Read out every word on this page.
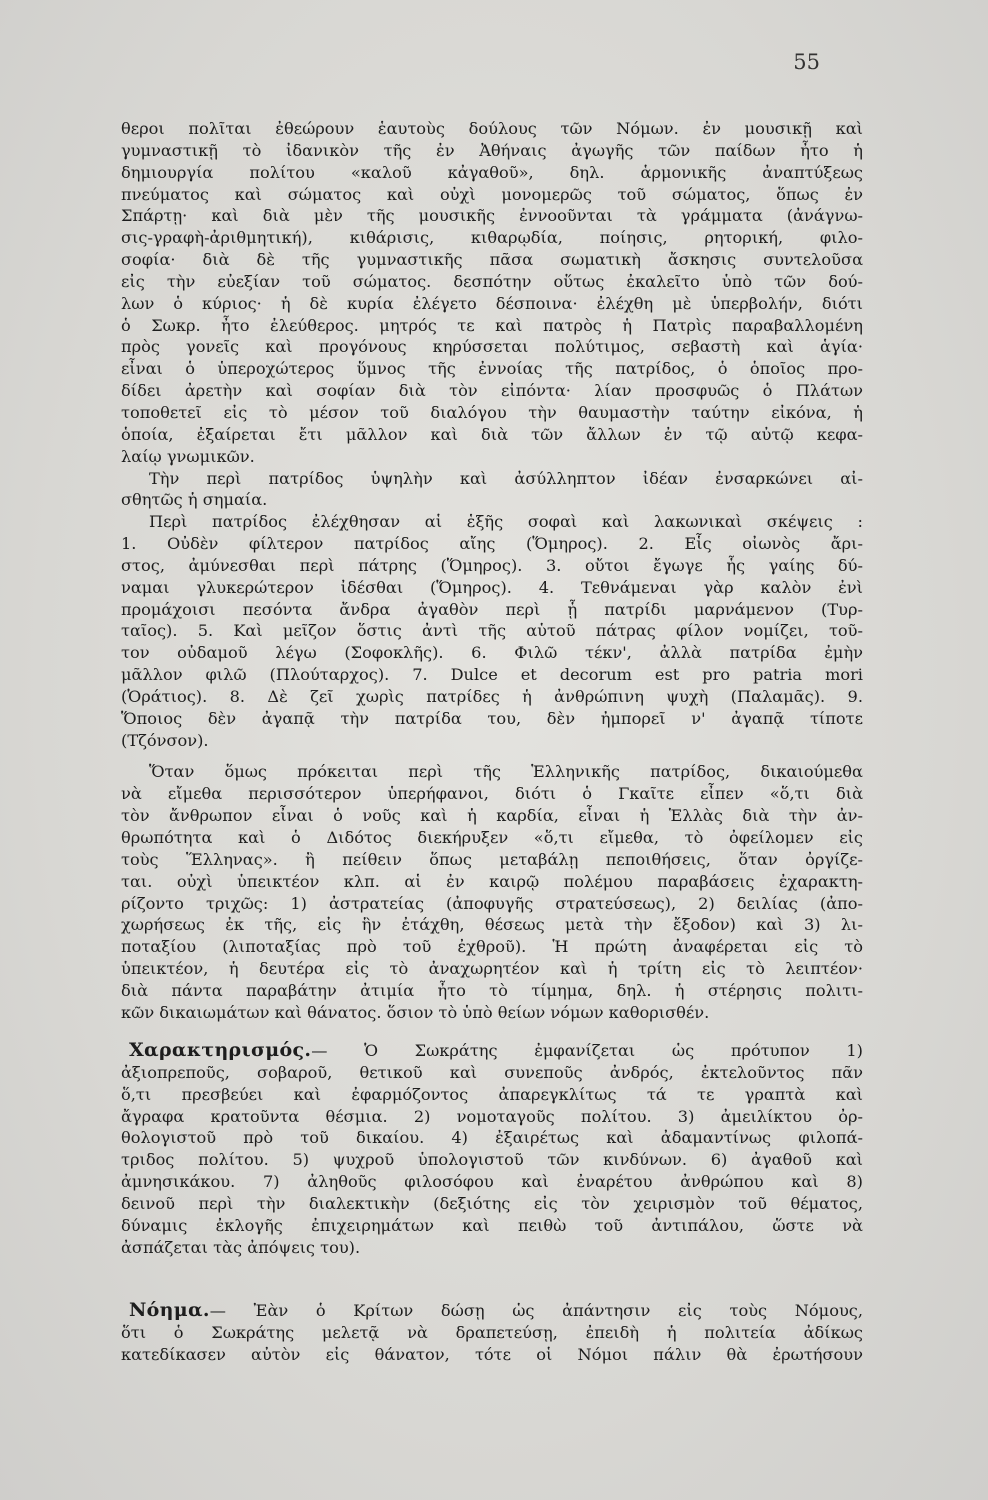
55
θεροι πολῖται ἐθεώρουν ἑαυτοὺς δούλους τῶν Νόμων. ἐν μουσικῇ καὶ
γυμναστικῇ τὸ ἰδανικὸν τῆς ἐν Ἀθήναις ἀγωγῆς τῶν παίδων ἦτο ἡ
δημιουργία πολίτου «καλοῦ κἀγαθοῦ», δηλ. ἁρμονικῆς ἀναπτύξεως
πνεύματος καὶ σώματος καὶ οὐχὶ μονομερῶς τοῦ σώματος, ὅπως ἐν
Σπάρτῃ· καὶ διὰ μὲν τῆς μουσικῆς ἐννοοῦνται τὰ γράμματα (ἀνάγνω-
σις-γραφὴ-ἀριθμητική), κιθάρισις, κιθαρῳδία, ποίησις, ρητορική, φιλο-
σοφία· διὰ δὲ τῆς γυμναστικῆς πᾶσα σωματικὴ ἄσκησις συντελοῦσα
εἰς τὴν εὐεξίαν τοῦ σώματος. δεσπότην οὕτως ἐκαλεῖτο ὑπὸ τῶν δού-
λων ὁ κύριος· ἡ δὲ κυρία ἐλέγετο δέσποινα· ἐλέχθη μὲ ὑπερβολήν, διότι
ὁ Σωκρ. ἦτο ἐλεύθερος. μητρός τε καὶ πατρὸς ἡ Πατρὶς παραβαλλομένη
πρὸς γονεῖς καὶ προγόνους κηρύσσεται πολύτιμος, σεβαστὴ καὶ ἁγία·
εἶναι ὁ ὑπεροχώτερος ὕμνος τῆς ἐννοίας τῆς πατρίδος, ὁ ὁποῖος προ-
δίδει ἀρετὴν καὶ σοφίαν διὰ τὸν εἰπόντα· λίαν προσφυῶς ὁ Πλάτων
τοποθετεῖ εἰς τὸ μέσον τοῦ διαλόγου τὴν θαυμαστὴν ταύτην εἰκόνα, ἡ
ὁποία, ἐξαίρεται ἔτι μᾶλλον καὶ διὰ τῶν ἄλλων ἐν τῷ αὐτῷ κεφα-
λαίῳ γνωμικῶν.
Τὴν περὶ πατρίδος ὑψηλὴν καὶ ἀσύλληπτον ἰδέαν ἐνσαρκώνει αἰ-
σθητῶς ἡ σημαία.
Περὶ πατρίδος ἐλέχθησαν αἱ ἑξῆς σοφαὶ καὶ λακωνικαὶ σκέψεις :
1. Οὐδὲν φίλτερον πατρίδος αἴης (Ὅμηρος). 2. Εἷς οἰωνὸς ἄρι-
στος, ἀμύνεσθαι περὶ πάτρης (Ὅμηρος). 3. οὔτοι ἔγωγε ἧς γαίης δύ-
ναμαι γλυκερώτερον ἰδέσθαι (Ὅμηρος). 4. Τεθνάμεναι γὰρ καλὸν ἐνὶ
προμάχοισι πεσόντα ἄνδρα ἀγαθὸν περὶ ᾗ πατρίδι μαρνάμενον (Τυρ-
ταῖος). 5. Καὶ μεῖζον ὅστις ἀντὶ τῆς αὑτοῦ πάτρας φίλον νομίζει, τοῦ-
τον οὐδαμοῦ λέγω (Σοφοκλῆς). 6. Φιλῶ τέκν', ἀλλὰ πατρίδα ἐμὴν
μᾶλλον φιλῶ (Πλούταρχος). 7. Dulce et decorum est pro patria mori
(Ὁράτιος). 8. Δὲ ζεῖ χωρὶς πατρίδες ἡ ἀνθρώπινη ψυχὴ (Παλαμᾶς). 9.
Ὅποιος δὲν ἀγαπᾷ τὴν πατρίδα του, δὲν ἠμπορεῖ ν' ἀγαπᾷ τίποτε
(Τζόνσον).
Ὅταν ὅμως πρόκειται περὶ τῆς Ἑλληνικῆς πατρίδος, δικαιούμεθα
νὰ εἴμεθα περισσότερον ὑπερήφανοι, διότι ὁ Γκαῖτε εἶπεν «ὅ,τι διὰ
τὸν ἄνθρωπον εἶναι ὁ νοῦς καὶ ἡ καρδία, εἶναι ἡ Ἑλλὰς διὰ τὴν ἀν-
θρωπότητα καὶ ὁ Διδότος διεκήρυξεν «ὅ,τι εἴμεθα, τὸ ὀφείλομεν εἰς
τοὺς Ἕλληνας». ἢ πείθειν ὅπως μεταβάλῃ πεποιθήσεις, ὅταν ὀργίζε-
ται. οὐχὶ ὑπεικτέον κλπ. αἱ ἐν καιρῷ πολέμου παραβάσεις ἐχαρακτη-
ρίζοντο τριχῶς: 1) ἀστρατείας (ἀποφυγῆς στρατεύσεως), 2) δειλίας (ἀπο-
χωρήσεως ἐκ τῆς, εἰς ἣν ἐτάχθη, θέσεως μετὰ τὴν ἔξοδον) καὶ 3) λι-
ποταξίου (λιποταξίας πρὸ τοῦ ἐχθροῦ). Ἡ πρώτη ἀναφέρεται εἰς τὸ
ὑπεικτέον, ἡ δευτέρα εἰς τὸ ἀναχωρητέον καὶ ἡ τρίτη εἰς τὸ λειπτέον·
διὰ πάντα παραβάτην ἀτιμία ἦτο τὸ τίμημα, δηλ. ἡ στέρησις πολιτι-
κῶν δικαιωμάτων καὶ θάνατος. ὅσιον τὸ ὑπὸ θείων νόμων καθορισθέν.
Χαρακτηρισμός.— Ὁ Σωκράτης ἐμφανίζεται ὡς πρότυπον 1)
ἀξιοπρεποῦς, σοβαροῦ, θετικοῦ καὶ συνεποῦς ἀνδρός, ἐκτελοῦντος πᾶν
ὅ,τι πρεσβεύει καὶ ἐφαρμόζοντος ἀπαρεγκλίτως τά τε γραπτὰ καὶ
ἄγραφα κρατοῦντα θέσμια. 2) νομοταγοῦς πολίτου. 3) ἀμειλίκτου ὀρ-
θολογιστοῦ πρὸ τοῦ δικαίου. 4) ἐξαιρέτως καὶ ἀδαμαντίνως φιλοπά-
τριδος πολίτου. 5) ψυχροῦ ὑπολογιστοῦ τῶν κινδύνων. 6) ἀγαθοῦ καὶ
ἀμνησικάκου. 7) ἀληθοῦς φιλοσόφου καὶ ἐναρέτου ἀνθρώπου καὶ 8)
δεινοῦ περὶ τὴν διαλεκτικὴν (δεξιότης εἰς τὸν χειρισμὸν τοῦ θέματος,
δύναμις ἐκλογῆς ἐπιχειρημάτων καὶ πειθὼ τοῦ ἀντιπάλου, ὥστε νὰ
ἀσπάζεται τὰς ἀπόψεις του).
Νόημα.— Ἐὰν ὁ Κρίτων δώσῃ ὡς ἀπάντησιν εἰς τοὺς Νόμους,
ὅτι ὁ Σωκράτης μελετᾷ νὰ δραπετεύσῃ, ἐπειδὴ ἡ πολιτεία ἀδίκως
κατεδίκασεν αὐτὸν εἰς θάνατον, τότε οἱ Νόμοι πάλιν θὰ ἐρωτήσουν
